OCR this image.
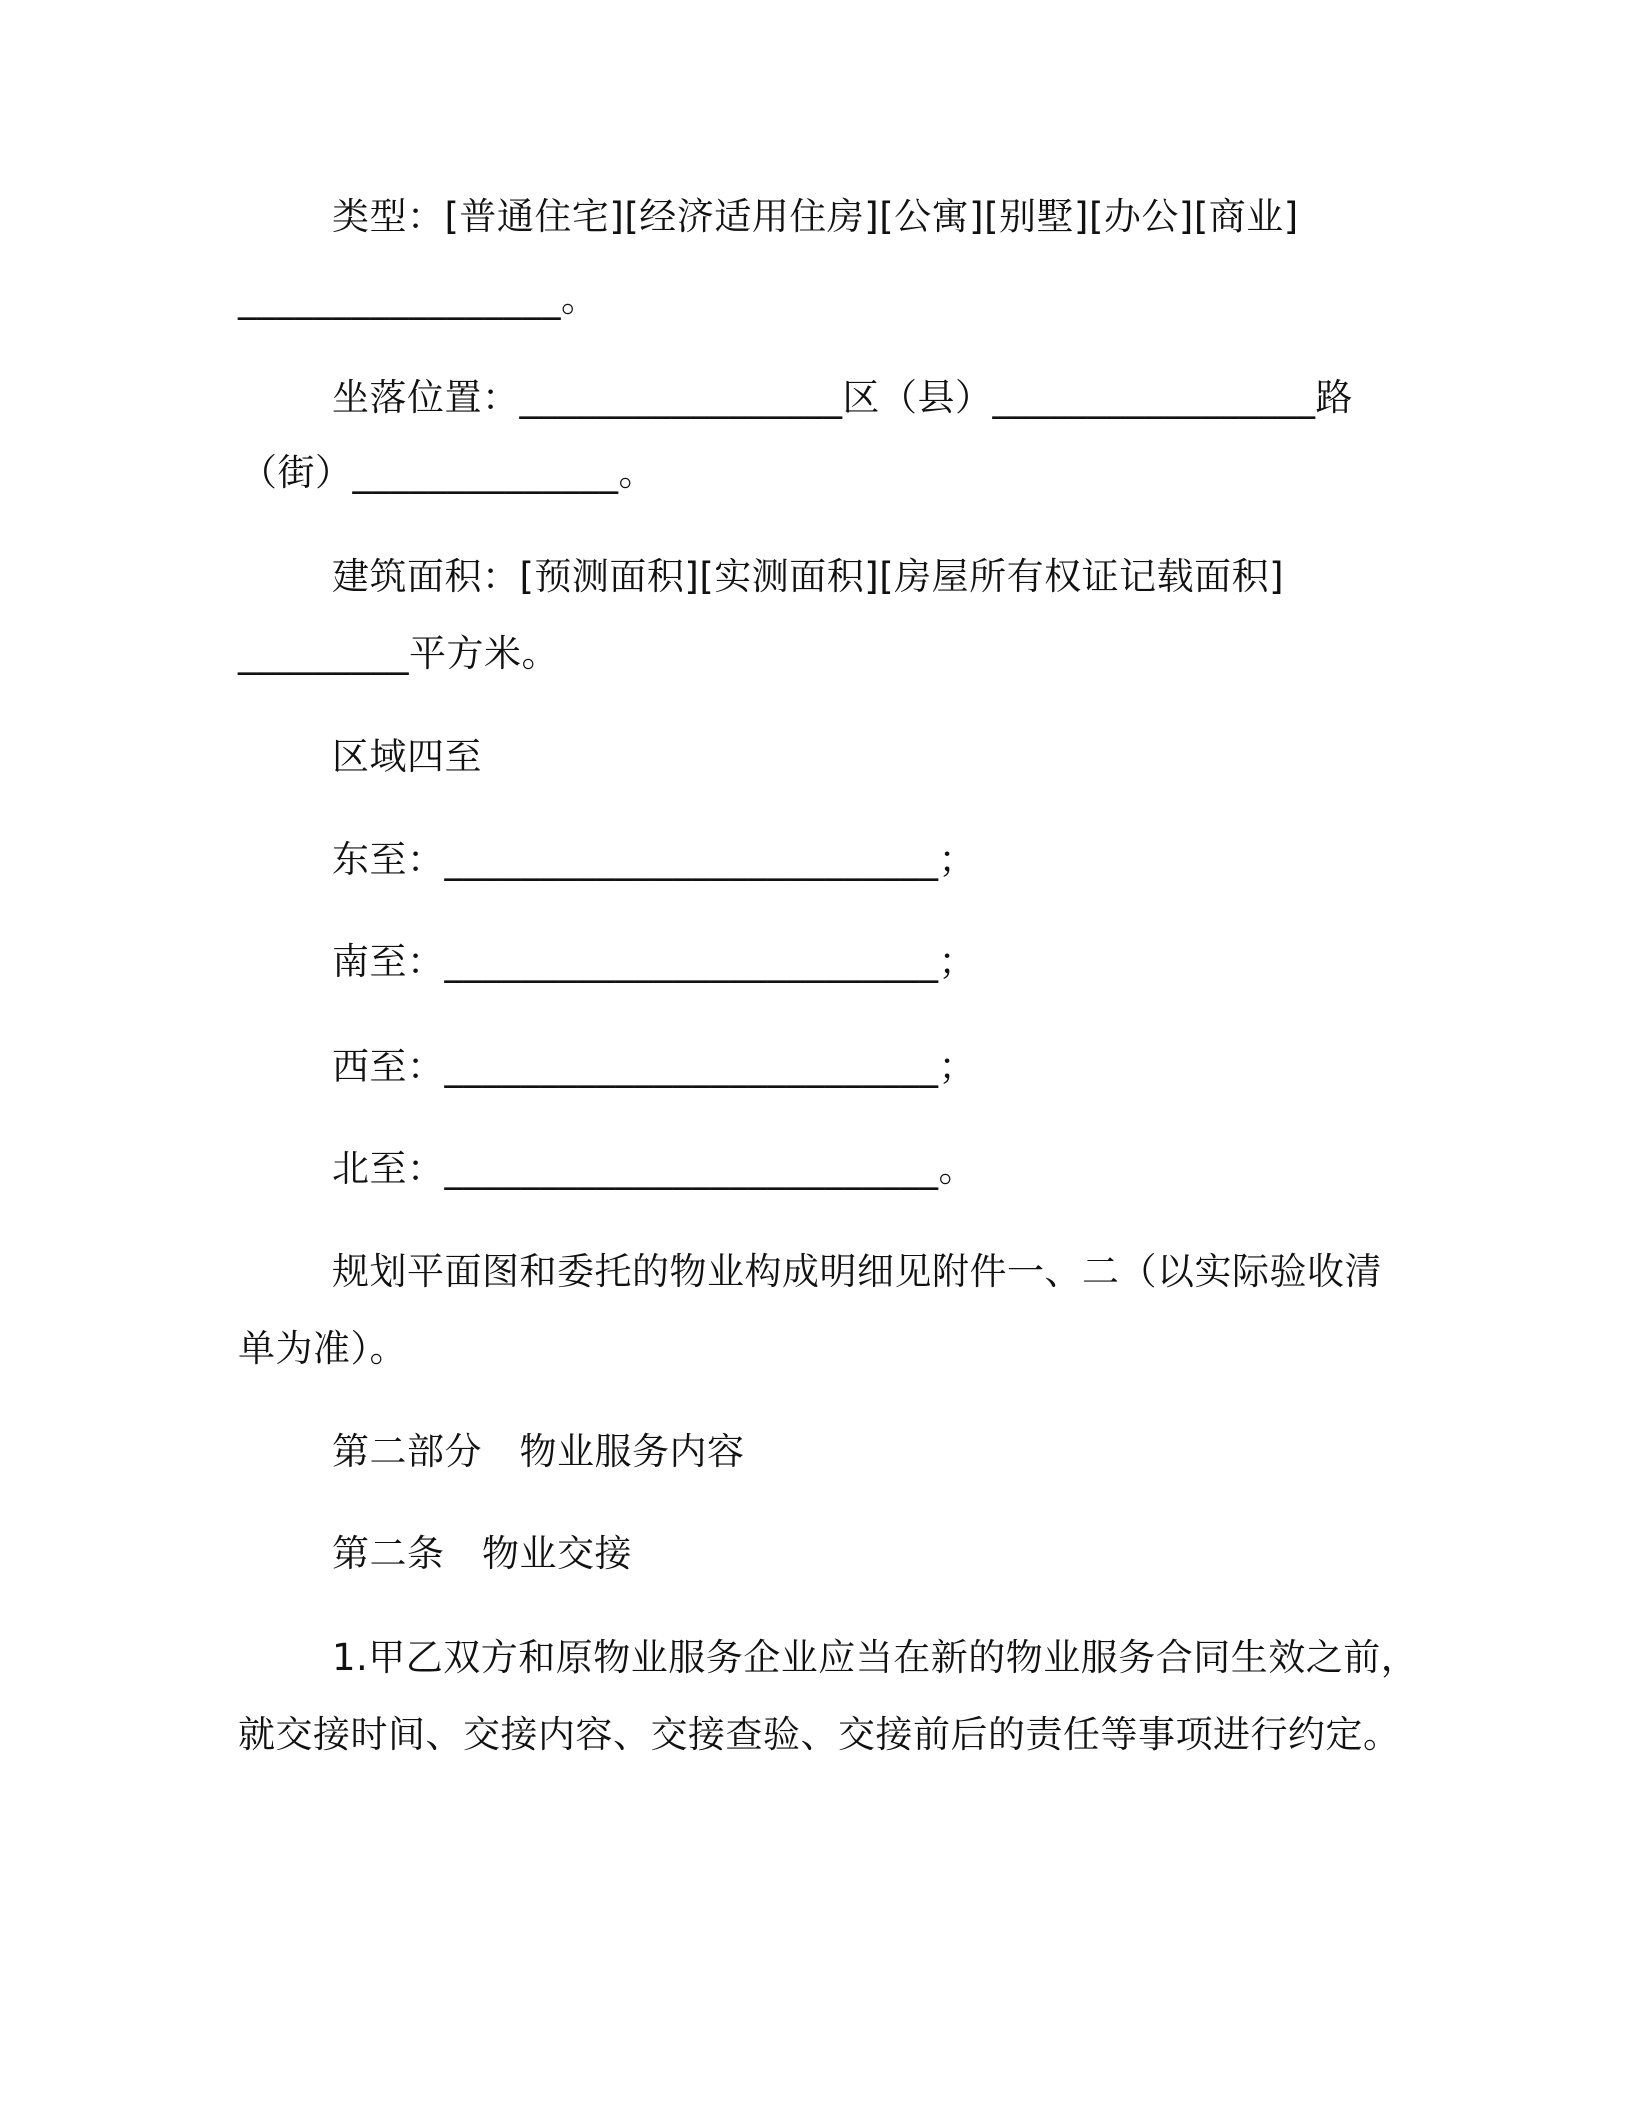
类型：[普通住宅][经济适用住房][公寓][别墅][办公][商业]
_________________。
坐落位置：_________________区（县）_________________路
（街）______________。
建筑面积：[预测面积][实测面积][房屋所有权证记载面积]
_________平方米。
区域四至
东至：__________________________；
南至：__________________________；
西至：__________________________；
北至：__________________________。
规划平面图和委托的物业构成明细见附件一、二（以实际验收清
单为准）。
第二部分　物业服务内容
第二条　物业交接
1.甲乙双方和原物业服务企业应当在新的物业服务合同生效之前，
就交接时间、交接内容、交接查验、交接前后的责任等事项进行约定。
